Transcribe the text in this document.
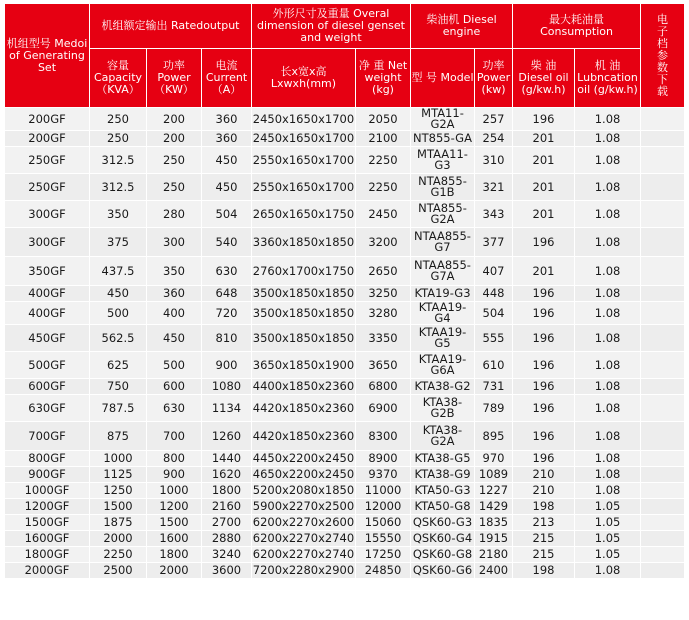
机组型号 Medoi of Generating Set	机组额定输出 Ratedoutput			外形尺寸及重量 Overal dimension of diesel genset and weight		柴油机 Diesel engine		最大耗油量 Consumption		电子档参数下载

	容量 Capacity （KVA）	功率 Power （KW）	电流 Current （A）	长x宽x高 Lxwxh(mm)	净 重 Net weight (kg)	型 号 Model	功率 Power (kw)	柴 油 Diesel oil (g/kw.h)	机 油 Lubncation oil (g/kw.h)	
200GF	250	200	360	2450x1650x1700	2050	MTA11-G2A	257	196	1.08	
200GF	250	200	360	2450x1650x1700	2100	NT855-GA	254	201	1.08	
250GF	312.5	250	450	2550x1650x1700	2250	MTAA11-G3	310	201	1.08	
250GF	312.5	250	450	2550x1650x1700	2250	NTA855-G1B	321	201	1.08	
300GF	350	280	504	2650x1650x1750	2450	NTA855-G2A	343	201	1.08	
300GF	375	300	540	3360x1850x1850	3200	NTAA855-G7	377	196	1.08	
350GF	437.5	350	630	2760x1700x1750	2650	NTAA855-G7A	407	201	1.08	
400GF	450	360	648	3500x1850x1850	3250	KTA19-G3	448	196	1.08	
400GF	500	400	720	3500x1850x1850	3280	KTAA19-G4	504	196	1.08	
450GF	562.5	450	810	3500x1850x1850	3350	KTAA19-G5	555	196	1.08	
500GF	625	500	900	3650x1850x1900	3650	KTAA19-G6A	610	196	1.08	
600GF	750	600	1080	4400x1850x2360	6800	KTA38-G2	731	196	1.08	
630GF	787.5	630	1134	4420x1850x2360	6900	KTA38-G2B	789	196	1.08	
700GF	875	700	1260	4420x1850x2360	8300	KTA38-G2A	895	196	1.08	
800GF	1000	800	1440	4450x2200x2450	8900	KTA38-G5	970	196	1.08	
900GF	1125	900	1620	4650x2200x2450	9370	KTA38-G9	1089	210	1.08	
1000GF	1250	1000	1800	5200x2080x1850	11000	KTA50-G3	1227	210	1.08	
1200GF	1500	1200	2160	5900x2270x2500	12000	KTA50-G8	1429	198	1.05	
1500GF	1875	1500	2700	6200x2270x2600	15060	QSK60-G3	1835	213	1.05	
1600GF	2000	1600	2880	6200x2270x2740	15550	QSK60-G4	1915	215	1.05	
1800GF	2250	1800	3240	6200x2270x2740	17250	QSK60-G8	2180	215	1.05	
2000GF	2500	2000	3600	7200x2280x2900	24850	QSK60-G6	2400	198	1.08	
